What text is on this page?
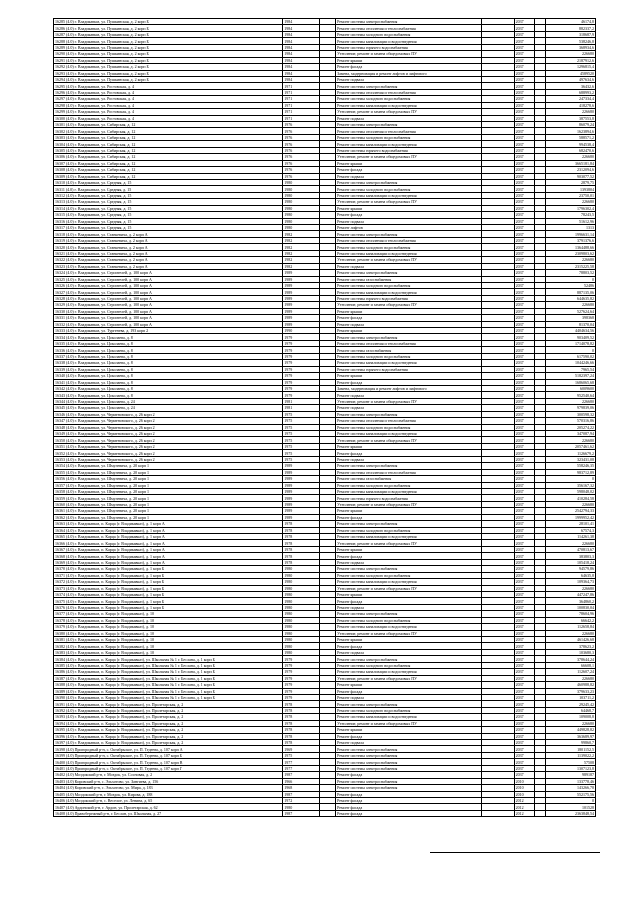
16285 (4.0) г. Владикавказ, ул. Пушкинская, д. 2 корп Б	1984		Ремонт системы электроснабжения		2037		46174,8
16286 (4.0) г. Владикавказ, ул. Пушкинская, д. 2 корп Б	1984		Ремонт системы отопления и теплоснабжения		2037		882337,2
16287 (4.0) г. Владикавказ, ул. Пушкинская, д. 2 корп Б	1984		Ремонт системы холодного водоснабжения		2037		318687,9
16288 (4.0) г. Владикавказ, ул. Пушкинская, д. 2 корп Б	1984		Ремонт системы канализации и водоотведения		2037		538246,8
16289 (4.0) г. Владикавказ, ул. Пушкинская, д. 2 корп Б	1984		Ремонт системы горячего водоснабжения		2037		368934,6
16290 (4.0) г. Владикавказ, ул. Пушкинская, д. 2 корп Б	1984		Утепление, ремонт и замена общедомовых ПУ		2037		226680
16291 (4.0) г. Владикавказ, ул. Пушкинская, д. 2 корп Б	1984		Ремонт крыши		2037		2187912,6
16292 (4.0) г. Владикавказ, ул. Пушкинская, д. 2 корп Б	1984		Ремонт фасада		2037		1296815,4
16293 (4.0) г. Владикавказ, ул. Пушкинская, д. 2 корп Б	1984		Замена, модернизация и ремонт лифтов и лифтового		2037		4589520
16294 (4.0) г. Владикавказ, ул. Пушкинская, д. 2 корп Б	1984		Ремонт подвала		2037		497634,6
16295 (4.0) г. Владикавказ, ул. Ростовская, д. 4	1971		Ремонт системы электроснабжения		2037		36432,6
16296 (4.0) г. Владикавказ, ул. Ростовская, д. 4	1971		Ремонт системы отопления и теплоснабжения		2037		688993,2
16297 (4.0) г. Владикавказ, ул. Ростовская, д. 4	1971		Ремонт системы холодного водоснабжения		2037		247334,4
16298 (4.0) г. Владикавказ, ул. Ростовская, д. 4	1971		Ремонт системы канализации и водоотведения		2037		418278,6
16299 (4.0) г. Владикавказ, ул. Ростовская, д. 4	1971		Утепление, ремонт и замена общедомовых ПУ		2037		226680
16300 (4.0) г. Владикавказ, ул. Ростовская, д. 4	1971		Ремонт подвала		2037		387553,8
16301 (4.0) г. Владикавказ, ул. Сибирская, д. 12	1976		Ремонт системы электроснабжения		2037		86079,24
16302 (4.0) г. Владикавказ, ул. Сибирская, д. 12	1976		Ремонт системы отопления и теплоснабжения		2037		1623894,6
16303 (4.0) г. Владикавказ, ул. Сибирская, д. 12	1976		Ремонт системы холодного водоснабжения		2037		588571,2
16304 (4.0) г. Владикавказ, ул. Сибирская, д. 12	1976		Ремонт системы канализации и водоотведения		2037		994538,4
16305 (4.0) г. Владикавказ, ул. Сибирская, д. 12	1976		Ремонт системы горячего водоснабжения		2037		682470,6
16306 (4.0) г. Владикавказ, ул. Сибирская, д. 12	1976		Утепление, ремонт и замена общедомовых ПУ		2037		226680
16307 (4.0) г. Владикавказ, ул. Сибирская, д. 12	1976		Ремонт крыши		2037		3665181,84
16308 (4.0) г. Владикавказ, ул. Сибирская, д. 12	1976		Ремонт фасада		2037		2312094,6
16309 (4.0) г. Владикавказ, ул. Сибирская, д. 12	1976		Ремонт подвала		2037		903077,52
16310 (4.0) г. Владикавказ, ул. Средняя, д. 15	1980		Ремонт системы электроснабжения		2037		2879,75
16311 (4.0) г. Владикавказ, ул. Средняя, д. 15	1980		Ремонт системы холодного водоснабжения		2037		1393804
16312 (4.0) г. Владикавказ, ул. Средняя, д. 15	1980		Ремонт системы канализации и водоотведения		2037		23750,01
16313 (4.0) г. Владикавказ, ул. Средняя, д. 15	1980		Утепление, ремонт и замена общедомовых ПУ		2037		226680
16314 (4.0) г. Владикавказ, ул. Средняя, д. 15	1980		Ремонт крыши		2037		1796302,4
16315 (4.0) г. Владикавказ, ул. Средняя, д. 15	1980		Ремонт фасада		2037		78243,5
16316 (4.0) г. Владикавказ, ул. Средняя, д. 15	1980		Ремонт подвала		2037		51612,96
16317 (4.0) г. Владикавказ, ул. Средняя, д. 15	1980		Ремонт лифтов		2037		1313
16318 (4.0) г. Владикавказ, ул. Станкевича, д. 2 корп А	1982		Ремонт системы электроснабжения		2037		1996631,14
16319 (4.0) г. Владикавказ, ул. Станкевича, д. 2 корп А	1982		Ремонт системы отопления и теплоснабжения		2037		3791376,6
16320 (4.0) г. Владикавказ, ул. Станкевича, д. 2 корп А	1982		Ремонт системы холодного водоснабжения		2037		1364488,66
16321 (4.0) г. Владикавказ, ул. Станкевича, д. 2 корп А	1982		Ремонт системы канализации и водоотведения		2037		2309803,62
16322 (4.0) г. Владикавказ, ул. Станкевича, д. 2 корп А	1982		Утепление, ремонт и замена общедомовых ПУ		2037		226680
16323 (4.0) г. Владикавказ, ул. Станкевича, д. 2 корп А	1982		Ремонт подвала		2037		2315225,58
16324 (4.0) г. Владикавказ, ул. Строителей, д. 100 корп А	1989		Ремонт системы электроснабжения		2037		78803,52
16325 (4.0) г. Владикавказ, ул. Строителей, д. 100 корп А	1989		Ремонт системы газоснабжения		2037		0
16326 (4.0) г. Владикавказ, ул. Строителей, д. 100 корп А	1989		Ремонт системы холодного водоснабжения		2037		52486
16327 (4.0) г. Владикавказ, ул. Строителей, д. 100 корп А	1989		Ремонт системы канализации и водоотведения		2037		887135,06
16328 (4.0) г. Владикавказ, ул. Строителей, д. 100 корп А	1989		Ремонт системы горячего водоснабжения		2037		644635,82
16329 (4.0) г. Владикавказ, ул. Строителей, д. 100 корп А	1989		Утепление, ремонт и замена общедомовых ПУ		2037		226680
16330 (4.0) г. Владикавказ, ул. Строителей, д. 100 корп А	1989		Ремонт крыши		2037		527624,64
16331 (4.0) г. Владикавказ, ул. Строителей, д. 100 корп А	1989		Ремонт фасада		2037		398368
16332 (4.0) г. Владикавказ, ул. Строителей, д. 100 корп А	1989		Ремонт подвала		2037		81370,04
16333 (4.0) г. Владикавказ, ул. Тургенева, д. 193 корп 2	1990		Ремонт крыши		2037		4404634,56
16334 (4.0) г. Владикавказ, ул. Цоколаева, д. 8	1979		Ремонт системы электроснабжения		2037		903409,52
16335 (4.0) г. Владикавказ, ул. Цоколаева, д. 8	1979		Ремонт системы отопления и теплоснабжения		2037		1714078,82
16336 (4.0) г. Владикавказ, ул. Цоколаева, д. 8	1979		Ремонт системы газоснабжения		2037		0
16337 (4.0) г. Владикавказ, ул. Цоколаева, д. 8	1979		Ремонт системы холодного водоснабжения		2037		617590,02
16338 (4.0) г. Владикавказ, ул. Цоколаева, д. 8	1979		Ремонт системы канализации и водоотведения		2037		1044246,66
16339 (4.0) г. Владикавказ, ул. Цоколаева, д. 8	1979		Ремонт системы горячего водоснабжения		2037		7965,54
16340 (4.0) г. Владикавказ, ул. Цоколаева, д. 8	1979		Ремонт крыши		2037		5182397,24
16341 (4.0) г. Владикавказ, ул. Цоколаева, д. 8	1979		Ремонт фасада		2037		1686065,68
16342 (4.0) г. Владикавказ, ул. Цоколаева, д. 8	1979		Замена, модернизация и ремонт лифтов и лифтового		2037		6009600
16343 (4.0) г. Владикавказ, ул. Цоколаева, д. 8	1979		Ремонт подвала		2037		952540,64
16344 (4.0) г. Владикавказ, ул. Цоколаева, д. 24	1981		Утепление, ремонт и замена общедомовых ПУ		2037		226680
16345 (4.0) г. Владикавказ, ул. Цоколаева, д. 24	1981		Ремонт подвала		2037		979839,06
16346 (4.0) г. Владикавказ, ул. Черменовского, д. 26 корп 2	1975		Ремонт системы электроснабжения		2037		300598,32
16347 (4.0) г. Владикавказ, ул. Черменовского, д. 26 корп 2	1975		Ремонт системы отопления и теплоснабжения		2037		570316,86
16348 (4.0) г. Владикавказ, ул. Черменовского, д. 26 корп 2	1975		Ремонт системы холодного водоснабжения		2037		205274,22
16349 (4.0) г. Владикавказ, ул. Черменовского, д. 26 корп 2	1975		Ремонт системы канализации и водоотведения		2037		347087,94
16350 (4.0) г. Владикавказ, ул. Черменовского, д. 26 корп 2	1975		Утепление, ремонт и замена общедомовых ПУ		2037		226680
16351 (4.0) г. Владикавказ, ул. Черменовского, д. 26 корп 2	1975		Ремонт крыши		2037		2057461,62
16352 (4.0) г. Владикавказ, ул. Черменовского, д. 26 корп 2	1975		Ремонт фасада		2037		1126679,2
16353 (4.0) г. Владикавказ, ул. Черменовского, д. 26 корп 2	1975		Ремонт подвала		2037		323431,08
16354 (4.0) г. Владикавказ, ул. Шмулевича, д. 20 корп 1	1989		Ремонт системы электроснабжения		2037		558246,35
16355 (4.0) г. Владикавказ, ул. Шмулевича, д. 20 корп 1	1989		Ремонт системы отопления и теплоснабжения		2037		983712,89
16356 (4.0) г. Владикавказ, ул. Шмулевича, д. 20 корп 1	1989		Ремонт системы газоснабжения		2037		0
16357 (4.0) г. Владикавказ, ул. Шмулевича, д. 20 корп 1	1989		Ремонт системы холодного водоснабжения		2037		356167,32
16358 (4.0) г. Владикавказ, ул. Шмулевича, д. 20 корп 1	1989		Ремонт системы канализации и водоотведения		2037		598048,02
16359 (4.0) г. Владикавказ, ул. Шмулевича, д. 20 корп 1	1989		Ремонт системы горячего водоснабжения		2037		410284,58
16360 (4.0) г. Владикавказ, ул. Шмулевича, д. 20 корп 1	1989		Утепление, ремонт и замена общедомовых ПУ		2037		226680
16361 (4.0) г. Владикавказ, ул. Шмулевича, д. 20 корп 1	1989		Ремонт крыши		2037		2542794,33
16362 (4.0) г. Владикавказ, ул. Шмулевича, д. 20 корп 1	1989		Ремонт фасада		2037		1999952,42
16363 (4.0) г. Владикавказ, п. Карца (г. Владикавказ), д. 1 корп А	1978		Ремонт системы электроснабжения		2037		28101,41
16364 (4.0) г. Владикавказ, п. Карца (г. Владикавказ), д. 1 корп А	1978		Ремонт системы холодного водоснабжения		2037		67574,3
16365 (4.0) г. Владикавказ, п. Карца (г. Владикавказ), д. 1 корп А	1978		Ремонт системы канализации и водоотведения		2037		114261,38
16366 (4.0) г. Владикавказ, п. Карца (г. Владикавказ), д. 1 корп А	1978		Утепление, ремонт и замена общедомовых ПУ		2037		226680
16367 (4.0) г. Владикавказ, п. Карца (г. Владикавказ), д. 1 корп А	1978		Ремонт крыши		2037		470813,67
16368 (4.0) г. Владикавказ, п. Карца (г. Владикавказ), д. 1 корп А	1978		Ремонт фасада		2037		383803,3
16369 (4.0) г. Владикавказ, п. Карца (г. Владикавказ), д. 1 корп А	1978		Ремонт подвала		2037		105418,24
16370 (4.0) г. Владикавказ, п. Карца (г. Владикавказ), д. 1 корп Б	1980		Ремонт системы электроснабжения		2037		94579,86
16371 (4.0) г. Владикавказ, п. Карца (г. Владикавказ), д. 1 корп Б	1980		Ремонт системы холодного водоснабжения		2037		64635,8
16372 (4.0) г. Владикавказ, п. Карца (г. Владикавказ), д. 1 корп Б	1980		Ремонт системы канализации и водоотведения		2037		109364,73
16373 (4.0) г. Владикавказ, п. Карца (г. Владикавказ), д. 1 корп Б	1980		Утепление, ремонт и замена общедомовых ПУ		2037		226680
16374 (4.0) г. Владикавказ, п. Карца (г. Владикавказ), д. 1 корп Б	1980		Ремонт крыши		2037		447247,86
16375 (4.0) г. Владикавказ, п. Карца (г. Владикавказ), д. 1 корп Б	1980		Ремонт фасада		2037		364860,2
16376 (4.0) г. Владикавказ, п. Карца (г. Владикавказ), д. 1 корп Б	1980		Ремонт подвала		2037		100830,04
16377 (4.0) г. Владикавказ, п. Карца (г. Владикавказ), д. 10	1980		Ремонт системы электроснабжения		2037		78604,96
16378 (4.0) г. Владикавказ, п. Карца (г. Владикавказ), д. 10	1980		Ремонт системы холодного водоснабжения		2037		66642,2
16379 (4.0) г. Владикавказ, п. Карца (г. Владикавказ), д. 10	1980		Ремонт системы канализации и водоотведения		2037		112658,84
16380 (4.0) г. Владикавказ, п. Карца (г. Владикавказ), д. 10	1980		Утепление, ремонт и замена общедомовых ПУ		2037		226680
16381 (4.0) г. Владикавказ, п. Карца (г. Владикавказ), д. 10	1980		Ремонт крыши		2037		461426,68
16382 (4.0) г. Владикавказ, п. Карца (г. Владикавказ), д. 10	1980		Ремонт фасада		2037		378623,2
16383 (4.0) г. Владикавказ, п. Карца (г. Владикавказ), д. 10	1980		Ремонт подвала		2037		103680,3
16384 (4.0) г. Владикавказ, п. Карца (г. Владикавказ), ул. Школьная № 1 г. Беслана, д. 1 корп Б	1979		Ремонт системы электроснабжения		2037		378644,24
16385 (4.0) г. Владикавказ, п. Карца (г. Владикавказ), ул. Школьная № 1 г. Беслана, д. 1 корп Б	1979		Ремонт системы холодного водоснабжения		2037		66608,1
16386 (4.0) г. Владикавказ, п. Карца (г. Владикавказ), ул. Школьная № 1 г. Беслана, д. 1 корп Б	1979		Ремонт системы канализации и водоотведения		2037		112607,24
16387 (4.0) г. Владикавказ, п. Карца (г. Владикавказ), ул. Школьная № 1 г. Беслана, д. 1 корп Б	1979		Утепление, ремонт и замена общедомовых ПУ		2037		226680
16388 (4.0) г. Владикавказ, п. Карца (г. Владикавказ), ул. Школьная № 1 г. Беслана, д. 1 корп Б	1979		Ремонт крыши		2037		460988,82
16389 (4.0) г. Владикавказ, п. Карца (г. Владикавказ), ул. Школьная № 1 г. Беслана, д. 1 корп Б	1979		Ремонт фасада		2037		379633,23
16390 (4.0) г. Владикавказ, п. Карца (г. Владикавказ), ул. Школьная № 1 г. Беслана, д. 1 корп Б	1979		Ремонт подвала		2037		103711,2
16391 (4.0) г. Владикавказ, п. Карца (г. Владикавказ), ул. Пролетарская, д. 2	1978		Ремонт системы электроснабжения		2037		29245,42
16392 (4.0) г. Владикавказ, п. Карца (г. Владикавказ), ул. Пролетарская, д. 2	1978		Ремонт системы холодного водоснабжения		2037		64468,7
16393 (4.0) г. Владикавказ, п. Карца (г. Владикавказ), ул. Пролетарская, д. 2	1978		Ремонт системы канализации и водоотведения		2037		109008,8
16394 (4.0) г. Владикавказ, п. Карца (г. Владикавказ), ул. Пролетарская, д. 2	1978		Утепление, ремонт и замена общедомовых ПУ		2037		226680
16395 (4.0) г. Владикавказ, п. Карца (г. Владикавказ), ул. Пролетарская, д. 2	1978		Ремонт крыши		2037		449828,82
16396 (4.0) г. Владикавказ, п. Карца (г. Владикавказ), ул. Пролетарская, д. 2	1978		Ремонт фасада		2037		363689,97
16397 (4.0) г. Владикавказ, п. Карца (г. Владикавказ), ул. Пролетарская, д. 2	1978		Ремонт подвала		2037		99860,7
16398 (4.0) Пригородный р-н, с. Октябрьское, ул. П. Тедеева, д. 107 корп А	1969		Ремонт системы электроснабжения		2037		1801152,5
16399 (4.0) Пригородный р-н, с. Октябрьское, ул. П. Тедеева, д. 107 корп Б	1975		Ремонт системы электроснабжения		2037		1139022,2
16400 (4.0) Пригородный р-н, с. Октябрьское, ул. П. Тедеева, д. 107 корп В	1977		Ремонт системы электроснабжения		2037		57508
16401 (4.0) Пригородный р-н, с. Октябрьское, ул. П. Тедеева, д. 107 корп Г	1977		Ремонт системы электроснабжения		2037		1307123,8
16402 (4.0) Моздокский р-н, г. Моздок, ул. Сосновая, д. 2	1987		Ремонт фасада		2037		989187
16403 (4.0) Кировский р-н, с. Эльхотово, ул. Зангиева, д. 156	1966		Ремонт системы электроснабжения		2010		133778,46
16404 (4.0) Кировский р-н, с. Эльхотово, ул. Мира, д. 183	1968		Ремонт системы электроснабжения		2010		143266,78
16405 (4.0) Моздокский р-н, г. Моздок, ул. Кирова, д. 188	1987		Ремонт фасада		2010		552175,56
16406 (4.0) Моздокский р-н, с. Веселое, ул. Ленина, д. 65	1972		Ремонт фасада		2012		0
16407 (4.0) Ардонский р-н, г. Ардон, ул. Пролетарская, д. 62	1980		Ремонт фасада		2012		101528
16408 (4.0) Правобережный р-н, г. Беслан, ул. Школьная, д. 27	1987		Ремонт фасада		2012		2363848,54
